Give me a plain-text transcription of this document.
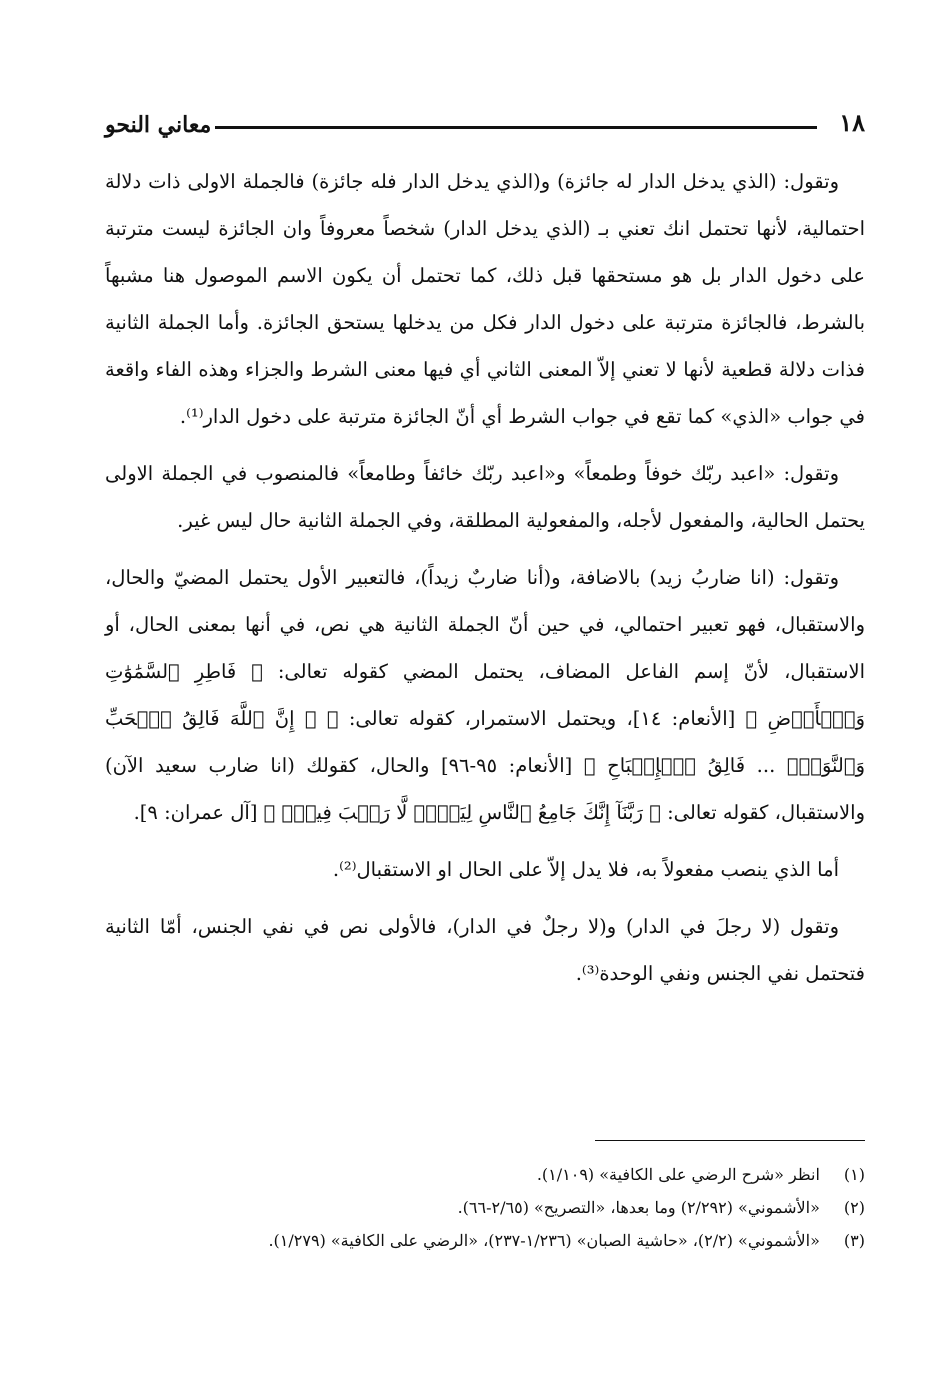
معاني النحو	١٨

وتقول: (الذي يدخل الدار له جائزة) و(الذي يدخل الدار فله جائزة) فالجملة الاولى ذات دلالة احتمالية، لأنها تحتمل انك تعني بـ (الذي يدخل الدار) شخصاً معروفاً وان الجائزة ليست مترتبة على دخول الدار بل هو مستحقها قبل ذلك، كما تحتمل أن يكون الاسم الموصول هنا مشبهاً بالشرط، فالجائزة مترتبة على دخول الدار فكل من يدخلها يستحق الجائزة. وأما الجملة الثانية فذات دلالة قطعية لأنها لا تعني إلاّ المعنى الثاني أي فيها معنى الشرط والجزاء وهذه الفاء واقعة في جواب «الذي» كما تقع في جواب الشرط أي أنّ الجائزة مترتبة على دخول الدار⁽¹⁾.

وتقول: «اعبد ربّك خوفاً وطمعاً» و«اعبد ربّك خائفاً وطامعاً» فالمنصوب في الجملة الاولى يحتمل الحالية، والمفعول لأجله، والمفعولية المطلقة، وفي الجملة الثانية حال ليس غير.

وتقول: (انا ضاربُ زيد) بالاضافة، و(أنا ضاربٌ زيداً)، فالتعبير الأول يحتمل المضيّ والحال، والاستقبال، فهو تعبير احتمالي، في حين أنّ الجملة الثانية هي نص، في أنها بمعنى الحال، أو الاستقبال، لأنّ إسم الفاعل المضاف، يحتمل المضي كقوله تعالى: ﴿ فَاطِرِ ٱلسَّمَٰوَٰتِ وَٱلۡأَرۡضِ ﴾ [الأنعام: ١٤]، ويحتمل الاستمرار، كقوله تعالى: ﴿ ۞ إِنَّ ٱللَّهَ فَالِقُ ٱلۡحَبِّ وَٱلنَّوَىٰۖ ... فَالِقُ ٱلۡإِصۡبَاحِ ﴾ [الأنعام: ٩٥-٩٦] والحال، كقولك (انا ضارب سعيد الآن) والاستقبال، كقوله تعالى: ﴿ رَبَّنَآ إِنَّكَ جَامِعُ ٱلنَّاسِ لِيَوۡمٖ لَّا رَيۡبَ فِيهِۚ ﴾ [آل عمران: ٩].

أما الذي ينصب مفعولاً به، فلا يدل إلاّ على الحال او الاستقبال⁽²⁾.

وتقول (لا رجلَ في الدار) و(لا رجلٌ في الدار)، فالأولى نص في نفي الجنس، أمّا الثانية فتحتمل نفي الجنس ونفي الوحدة⁽³⁾.

(١) انظر «شرح الرضي على الكافية» (١/١٠٩).

(٢) «الأشموني» (٢/٢٩٢) وما بعدها، «التصريح» (٢/٦٥-٦٦).

(٣) «الأشموني» (٢/٢)، «حاشية الصبان» (١/٢٣٦-٢٣٧)، «الرضي على الكافية» (١/٢٧٩).
